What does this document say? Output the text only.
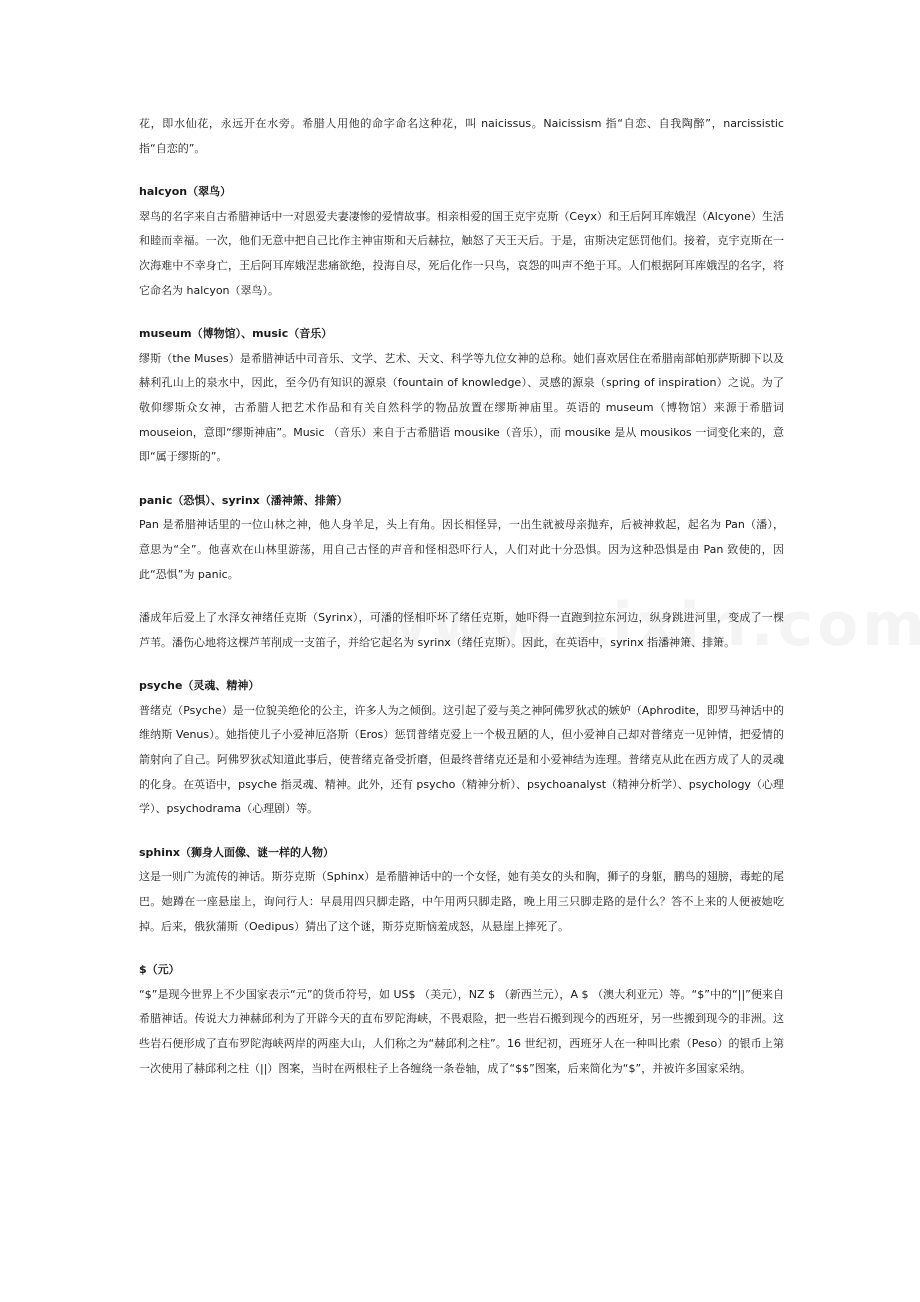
花，即水仙花，永远开在水旁。希腊人用他的命字命名这种花，叫 naicissus。Naicissism 指“自恋、自我陶醉”，narcissistic 指“自恋的”。

halcyon（翠鸟）

翠鸟的名字来自古希腊神话中一对恩爱夫妻凄惨的爱情故事。相亲相爱的国王克宇克斯（Ceyx）和王后阿耳库娥涅（Alcyone）生活和睦而幸福。一次，他们无意中把自己比作主神宙斯和天后赫拉，触怒了天王天后。于是，宙斯决定惩罚他们。接着，克宇克斯在一次海难中不幸身亡，王后阿耳库娥涅悲痛欲绝，投海自尽，死后化作一只鸟，哀怨的叫声不绝于耳。人们根据阿耳库娥涅的名字，将它命名为 halcyon（翠鸟）。

museum（博物馆）、music（音乐）

缪斯（the Muses）是希腊神话中司音乐、文学、艺术、天文、科学等九位女神的总称。她们喜欢居住在希腊南部帕那萨斯脚下以及赫利孔山上的泉水中，因此，至今仍有知识的源泉（fountain of knowledge）、灵感的源泉（spring of inspiration）之说。为了敬仰缪斯众女神，古希腊人把艺术作品和有关自然科学的物品放置在缪斯神庙里。英语的 museum（博物馆）来源于希腊词 mouseion，意即“缪斯神庙”。Music （音乐）来自于古希腊语 mousike（音乐），而 mousike 是从 mousikos 一词变化来的，意即“属于缪斯的”。

panic（恐惧）、syrinx（潘神箫、排箫）

Pan 是希腊神话里的一位山林之神，他人身羊足，头上有角。因长相怪异，一出生就被母亲抛弃，后被神救起，起名为 Pan（潘），意思为“全”。他喜欢在山林里游荡，用自己古怪的声音和怪相恐吓行人，人们对此十分恐惧。因为这种恐惧是由 Pan 致使的，因此“恐惧”为 panic。

潘成年后爱上了水泽女神绪任克斯（Syrinx），可潘的怪相吓坏了绪任克斯，她吓得一直跑到拉东河边，纵身跳进河里，变成了一棵芦苇。潘伤心地将这棵芦苇削成一支笛子，并给它起名为 syrinx（绪任克斯）。因此，在英语中，syrinx 指潘神箫、排箫。

psyche（灵魂、精神）

普绪克（Psyche）是一位貌美绝伦的公主，许多人为之倾倒。这引起了爱与美之神阿佛罗狄忒的嫉妒（Aphrodite，即罗马神话中的维纳斯 Venus）。她指使儿子小爱神厄洛斯（Eros）惩罚普绪克爱上一个极丑陋的人，但小爱神自己却对普绪克一见钟情，把爱情的箭射向了自己。阿佛罗狄忒知道此事后，使普绪克备受折磨，但最终普绪克还是和小爱神结为连理。普绪克从此在西方成了人的灵魂的化身。在英语中，psyche 指灵魂、精神。此外，还有 psycho（精神分析）、psychoanalyst（精神分析学）、psychology（心理学）、psychodrama（心理剧）等。

sphinx（狮身人面像、谜一样的人物）

这是一则广为流传的神话。斯芬克斯（Sphinx）是希腊神话中的一个女怪，她有美女的头和胸，狮子的身躯，鹏鸟的翅膀，毒蛇的尾巴。她蹲在一座悬崖上，询问行人：早晨用四只脚走路，中午用两只脚走路，晚上用三只脚走路的是什么？答不上来的人便被她吃掉。后来，俄狄蒲斯（Oedipus）猜出了这个谜，斯芬克斯恼羞成怒，从悬崖上摔死了。

$（元）

“$”是现今世界上不少国家表示“元”的货币符号，如 US$ （美元），NZ $ （新西兰元），A $ （澳大利亚元）等。“$”中的“||”便来自希腊神话。传说大力神赫邱利为了开辟今天的直布罗陀海峡，不畏艰险，把一些岩石搬到现今的西班牙，另一些搬到现今的非洲。这些岩石便形成了直布罗陀海峡两岸的两座大山，人们称之为“赫邱利之柱”。16 世纪初，西班牙人在一种叫比索（Peso）的银币上第一次使用了赫邱利之柱（||）图案，当时在两根柱子上各缠绕一条卷轴，成了“$$”图案，后来简化为“$”，并被许多国家采纳。
